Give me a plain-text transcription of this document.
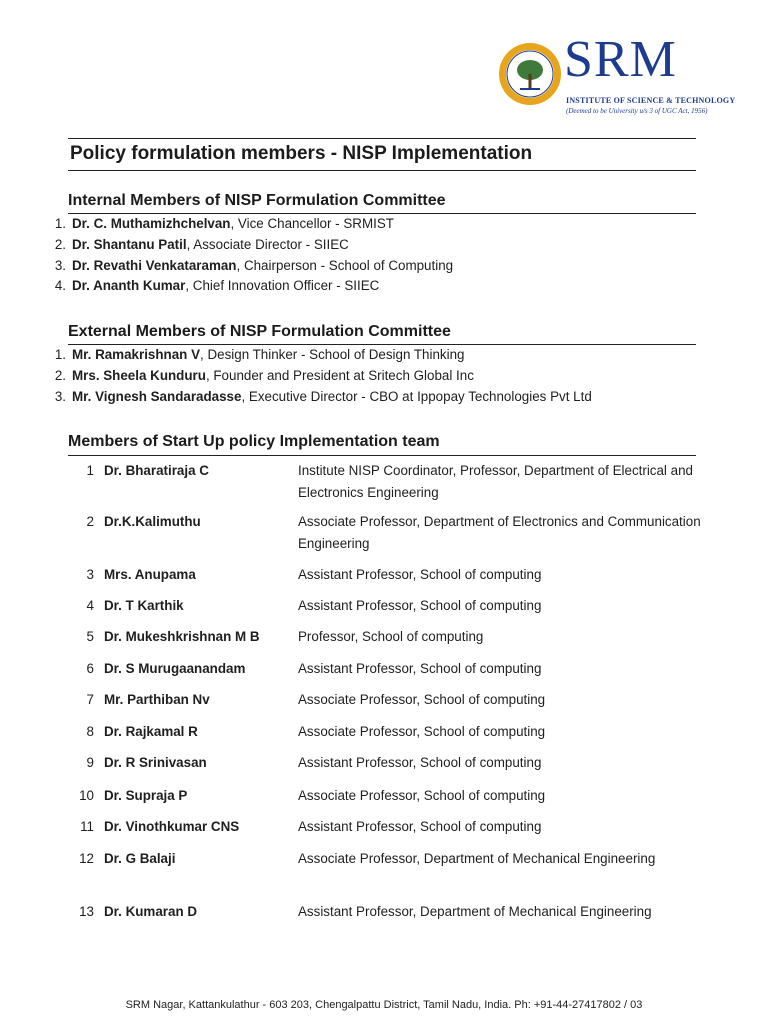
SRM
INSTITUTE OF SCIENCE & TECHNOLOGY
(Deemed to be University u/s 3 of UGC Act, 1956)
Policy formulation members - NISP Implementation
Internal Members of NISP Formulation Committee
1. Dr. C. Muthamizhchelvan , Vice Chancellor - SRMIST
2. Dr. Shantanu Patil , Associate Director - SIIEC
3. Dr. Revathi Venkataraman , Chairperson - School of Computing
4. Dr. Ananth Kumar , Chief Innovation Officer - SIIEC
External Members of NISP Formulation Committee
1. Mr. Ramakrishnan V , Design Thinker - School of Design Thinking
2. Mrs. Sheela Kunduru , Founder and President at Sritech Global Inc
3. Mr. Vignesh Sandaradasse , Executive Director - CBO at Ippopay Technologies Pvt Ltd
Members of Start Up policy Implementation team
1 Dr. Bharatiraja C	Institute NISP Coordinator, Professor, Department of Electrical and Electronics Engineering
2 Dr.K.Kalimuthu	Associate Professor, Department of Electronics and Communication Engineering
3 Mrs. Anupama	Assistant Professor, School of computing
4 Dr. T Karthik	Assistant Professor, School of computing
5 Dr. Mukeshkrishnan M B	Professor, School of computing
6 Dr. S Murugaanandam	Assistant Professor, School of computing
7 Mr. Parthiban Nv	Associate Professor, School of computing
8 Dr. Rajkamal R	Associate Professor, School of computing
9 Dr. R Srinivasan	Assistant Professor, School of computing
10 Dr. Supraja P	Associate Professor, School of computing
11 Dr. Vinothkumar CNS	Assistant Professor, School of computing
12 Dr. G Balaji	Associate Professor, Department of Mechanical Engineering
13 Dr. Kumaran D	Assistant Professor, Department of Mechanical Engineering
SRM Nagar, Kattankulathur - 603 203, Chengalpattu District, Tamil Nadu, India. Ph: +91-44-27417802 / 03
